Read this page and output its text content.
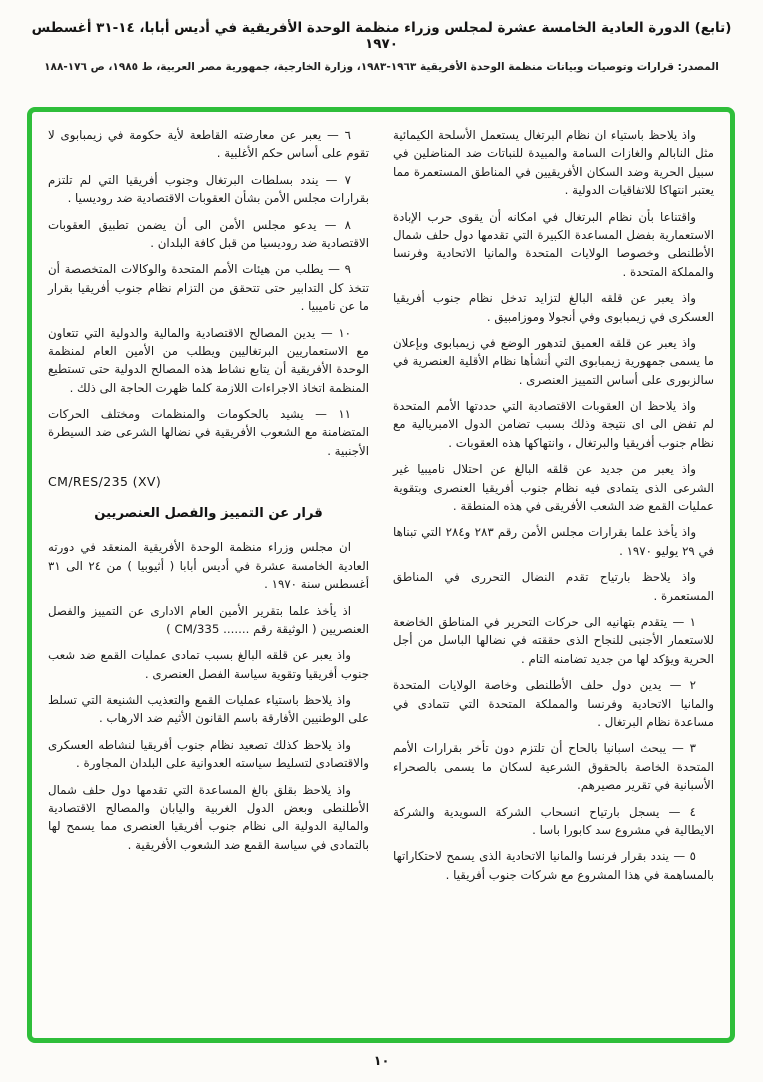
(تابع) الدورة العادية الخامسة عشرة لمجلس وزراء منظمة الوحدة الأفريقية في أديس أبابا، ١٤-٣١ أغسطس ١٩٧٠
المصدر: قرارات وتوصيات وبيانات منظمة الوحدة الأفريقية ١٩٦٣-١٩٨٣، وزارة الخارجية، جمهورية مصر العربية، ط ١٩٨٥، ص ١٧٦-١٨٨

واذ يلاحظ باستياء ان نظام البرتغال يستعمل الأسلحة الكيمائية مثل النابالم والغازات السامة والمبيدة للنباتات ضد المناضلين في سبيل الحرية وضد السكان الأفريقيين في المناطق المستعمرة مما يعتبر انتهاكا للاتفاقيات الدولية .

واقتناعا بأن نظام البرتغال في امكانه أن يقوى حرب الإبادة الاستعمارية بفضل المساعدة الكبيرة التي تقدمها دول حلف شمال الأطلنطى وخصوصا الولايات المتحدة والمانيا الاتحادية وفرنسا والمملكة المتحدة .

واذ يعبر عن قلقه البالغ لتزايد تدخل نظام جنوب أفريقيا العسكرى في زيمبابوى وفي أنجولا وموزامبيق .

واذ يعبر عن قلقه العميق لتدهور الوضع في زيمبابوى وبإعلان ما يسمى جمهورية زيمبابوى التي أنشأها نظام الأقلية العنصرية في سالزبورى على أساس التمييز العنصرى .

واذ يلاحظ ان العقوبات الاقتصادية التي حددتها الأمم المتحدة لم تفض الى اى نتيجة وذلك بسبب تضامن الدول الامبريالية مع نظام جنوب أفريقيا والبرتغال ، وانتهاكها هذه العقوبات .

واذ يعبر من جديد عن قلقه البالغ عن احتلال ناميبيا غير الشرعى الذى يتمادى فيه نظام جنوب أفريقيا العنصرى وبتقوية عمليات القمع ضد الشعب الأفريقى في هذه المنطقة .

واذ يأخذ علما بقرارات مجلس الأمن رقم ٢٨٣ و٢٨٤ التي تبناها في ٢٩ يوليو ١٩٧٠ .

واذ يلاحظ بارتياح تقدم النضال التحررى في المناطق المستعمرة .

١ — يتقدم بتهانيه الى حركات التحرير في المناطق الخاضعة للاستعمار الأجنبى للنجاح الذى حققته في نضالها الباسل من أجل الحرية ويؤكد لها من جديد تضامنه التام .

٢ — يدين دول حلف الأطلنطى وخاصة الولايات المتحدة والمانيا الاتحادية وفرنسا والمملكة المتحدة التي تتمادى في مساعدة نظام البرتغال .

٣ — يبحث اسبانيا بالحاح أن تلتزم دون تأخر بقرارات الأمم المتحدة الخاصة بالحقوق الشرعية لسكان ما يسمى بالصحراء الأسبانية في تقرير مصيرهم.

٤ — يسجل بارتياح انسحاب الشركة السويدية والشركة الايطالية في مشروع سد كابورا باسا .

٥ — يندد بقرار فرنسا والمانيا الاتحادية الذى يسمح لاحتكاراتها بالمساهمة في هذا المشروع مع شركات جنوب أفريقيا .

٦ — يعبر عن معارضته القاطعة لأية حكومة في زيمبابوى لا تقوم على أساس حكم الأغلبية .

٧ — يندد بسلطات البرتغال وجنوب أفريقيا التي لم تلتزم بقرارات مجلس الأمن بشأن العقوبات الاقتصادية ضد روديسيا .

٨ — يدعو مجلس الأمن الى أن يضمن تطبيق العقوبات الاقتصادية ضد روديسيا من قبل كافة البلدان .

٩ — يطلب من هيئات الأمم المتحدة والوكالات المتخصصة أن تتخذ كل التدابير حتى تتحقق من التزام نظام جنوب أفريقيا بقرار ما عن ناميبيا .

١٠ — يدين المصالح الاقتصادية والمالية والدولية التي تتعاون مع الاستعماريين البرتغاليين ويطلب من الأمين العام لمنظمة الوحدة الأفريقية أن يتابع نشاط هذه المصالح الدولية حتى تستطيع المنظمة اتخاذ الاجراءات اللازمة كلما ظهرت الحاجة الى ذلك .

١١ — يشيد بالحكومات والمنظمات ومختلف الحركات المتضامنة مع الشعوب الأفريقية في نضالها الشرعى ضد السيطرة الأجنبية .

CM/RES/235 (XV)
قرار عن التمييز والفصل العنصريين

ان مجلس وزراء منظمة الوحدة الأفريقية المنعقد في دورته العادية الخامسة عشرة في أديس أبابا ( أثيوبيا ) من ٢٤ الى ٣١ أغسطس سنة ١٩٧٠ .

اذ يأخذ علما بتقرير الأمين العام الادارى عن التمييز والفصل العنصريين ( الوثيقة رقم ....... CM/335 )

واذ يعبر عن قلقه البالغ بسبب تمادى عمليات القمع ضد شعب جنوب أفريقيا وتقوية سياسة الفصل العنصرى .

واذ يلاحظ باستياء عمليات القمع والتعذيب الشنيعة التي تسلط على الوطنيين الأفارقة باسم القانون الأثيم ضد الارهاب .

واذ يلاحظ كذلك تصعيد نظام جنوب أفريقيا لنشاطه العسكرى والاقتصادى لتسليط سياسته العدوانية على البلدان المجاورة .

واذ يلاحظ بقلق بالغ المساعدة التي تقدمها دول حلف شمال الأطلنطى وبعض الدول الغربية واليابان والمصالح الاقتصادية والمالية الدولية الى نظام جنوب أفريقيا العنصرى مما يسمح لها بالتمادى في سياسة القمع ضد الشعوب الأفريقية .

١٠
